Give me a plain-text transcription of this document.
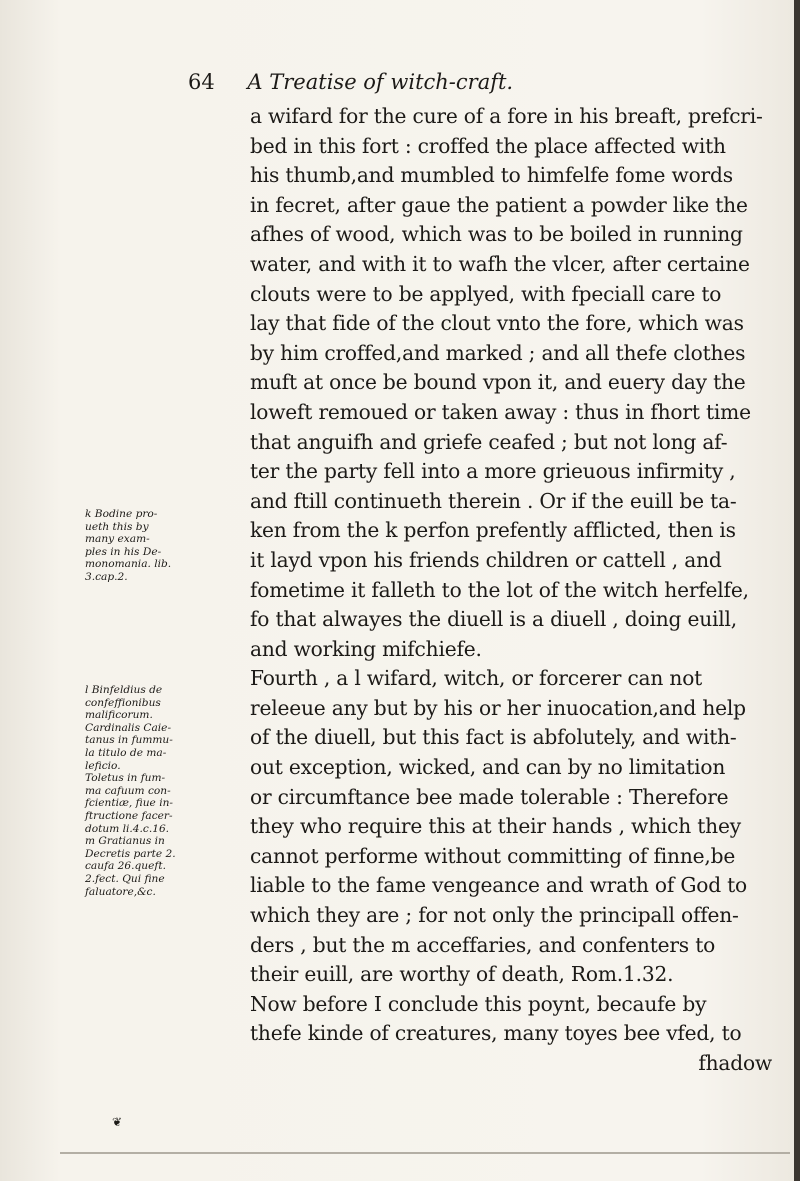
64 A Treatise of witch-craft.
a wifard for the cure of a fore in his breaft, prefcri-
bed in this fort : croffed the place affected with
his thumb,and mumbled to himfelfe fome words
in fecret, after gaue the patient a powder like the
afhes of wood, which was to be boiled in running
water, and with it to wafh the vlcer, after certaine
clouts were to be applyed, with fpeciall care to
lay that fide of the clout vnto the fore, which was
by him croffed,and marked ; and all thefe clothes
muft at once be bound vpon it, and euery day the
loweft remoued or taken away : thus in fhort time
that anguifh and griefe ceafed ; but not long af-
ter the party fell into a more grieuous infirmity ,
and ftill continueth therein . Or if the euill be ta-
ken from the k perfon prefently afflicted, then is
it layd vpon his friends children or cattell , and
fometime it falleth to the lot of the witch herfelfe,
fo that alwayes the diuell is a diuell , doing euill,
and working mifchiefe.
Fourth , a l wifard, witch, or forcerer can not
releeue any but by his or her inuocation,and help
of the diuell, but this fact is abfolutely, and with-
out exception, wicked, and can by no limitation
or circumftance bee made tolerable : Therefore
they who require this at their hands , which they
cannot performe without committing of finne,be
liable to the fame vengeance and wrath of God to
which they are ; for not only the principall offen-
ders , but the m acceffaries, and confenters to
their euill, are worthy of death, Rom.1.32.
Now before I conclude this poynt, becaufe by
thefe kinde of creatures, many toyes bee vfed, to
fhadow
k Bodine pro-
ueth this by
many exam-
ples in his De-
monomania. lib.
3.cap.2.
l Binfeldius de
confeffionibus
malificorum.
Cardinalis Caie-
tanus in fummu-
la titulo de ma-
leficio.
Toletus in fum-
ma cafuum con-
fcientiæ, fiue in-
ftructione facer-
dotum li.4.c.16.
m Gratianus in
Decretis parte 2.
caufa 26.queft.
2.fect. Qui fine
faluatore,&c.
❦
